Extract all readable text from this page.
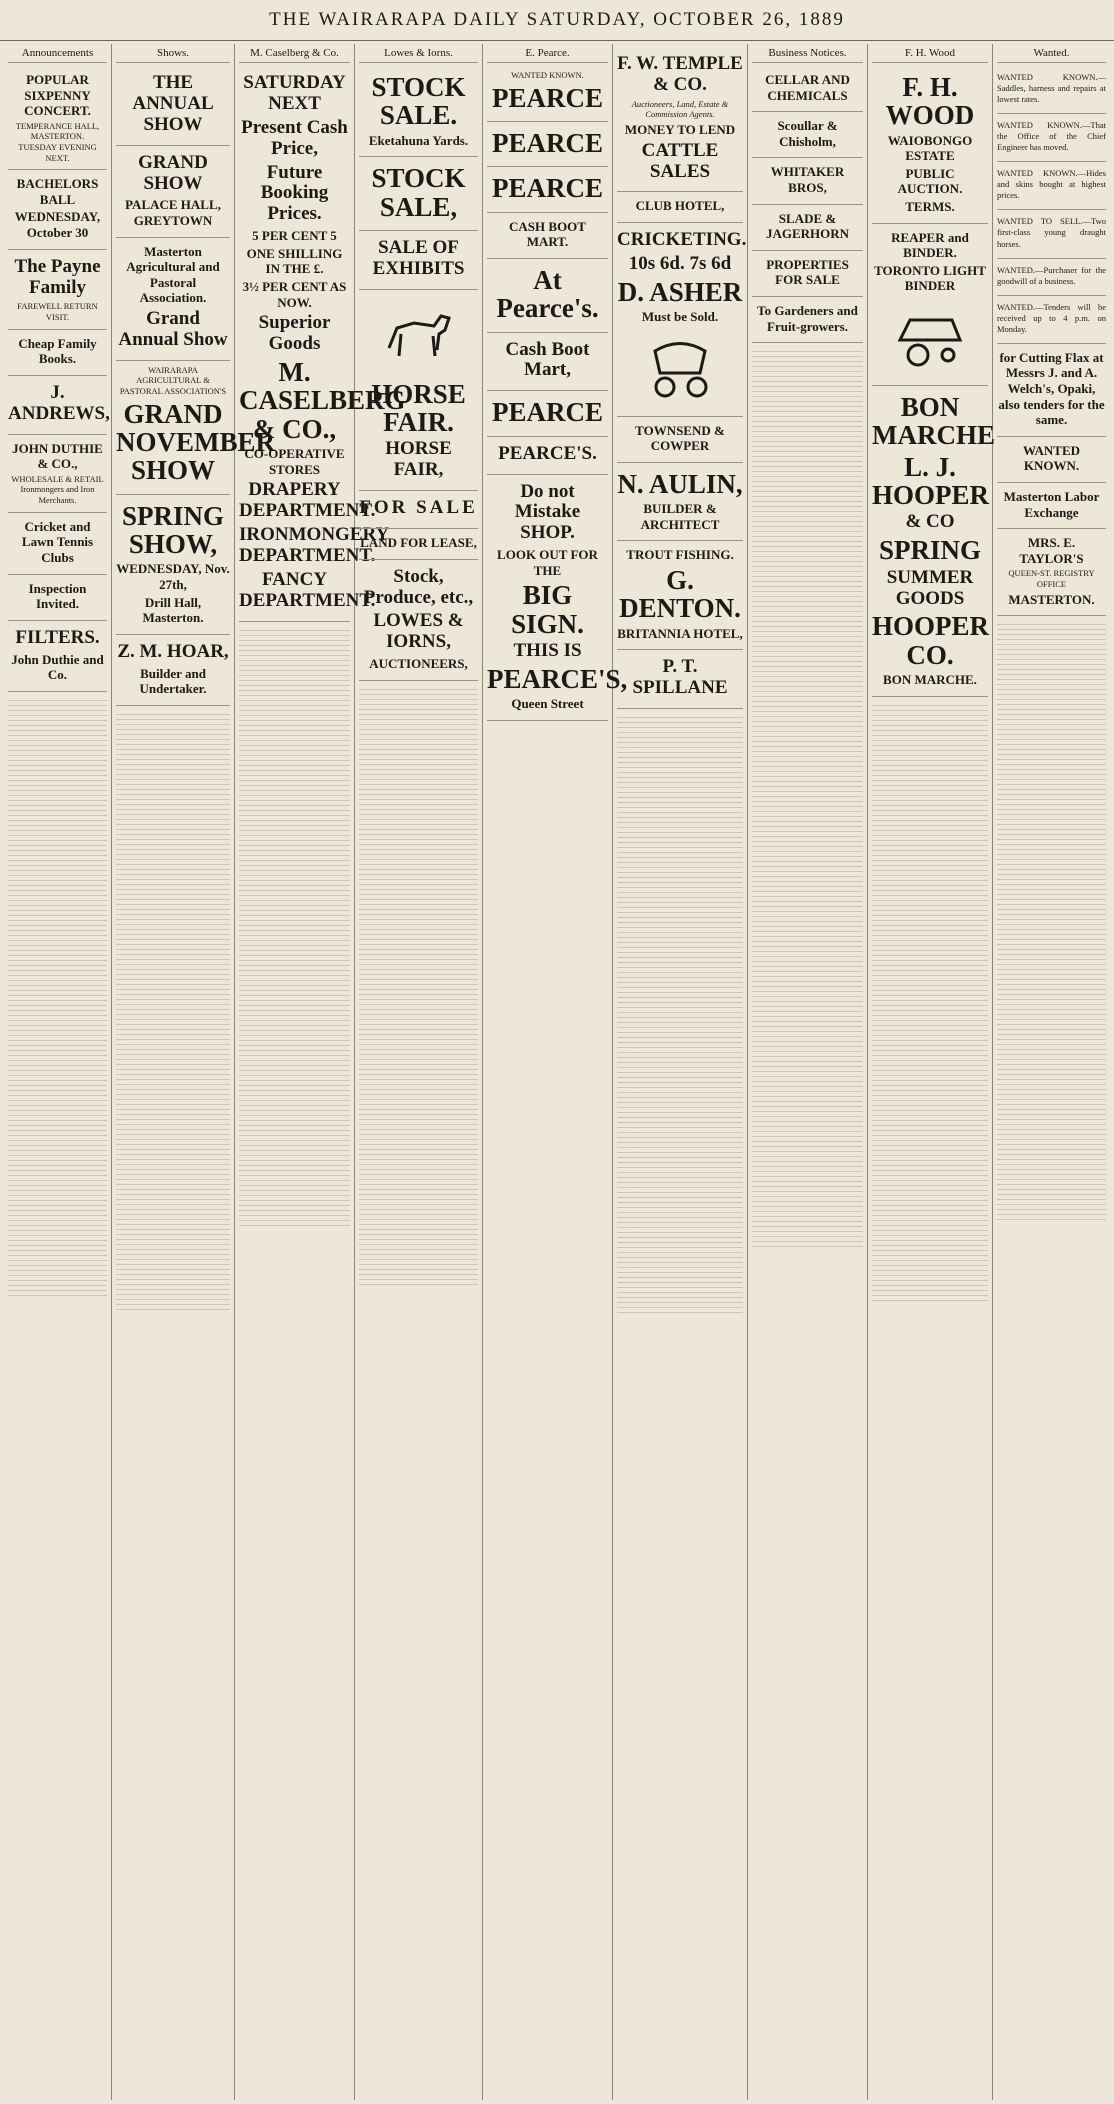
THE WAIRARAPA DAILY SATURDAY, OCTOBER 26, 1889
Announcements
POPULAR SIXPENNY CONCERT.
TEMPERANCE HALL, MASTERTON.
TUESDAY EVENING NEXT.
BACHELORS BALL
WEDNESDAY, October 30
The Payne Family
FAREWELL RETURN VISIT.
Cheap Family Books.
J. ANDREWS,
JOHN DUTHIE & CO.,
WHOLESALE & RETAIL Ironmongers and Iron Merchants.
Cricket and Lawn Tennis Clubs
Inspection Invited.
FILTERS.
John Duthie and Co.
Shows.
THE ANNUAL SHOW
GRAND SHOW
PALACE HALL, GREYTOWN
Masterton Agricultural and Pastoral Association.
Grand Annual Show
WAIRARAPA AGRICULTURAL & PASTORAL ASSOCIATION'S
GRAND NOVEMBER SHOW
SPRING SHOW,
WEDNESDAY, Nov. 27th,
Drill Hall, Masterton.
Z. M. HOAR,
Builder and Undertaker.
M. Caselberg & Co.
SATURDAY NEXT
Present Cash Price,
Future Booking Prices.
5 PER CENT 5
ONE SHILLING IN THE £.
3½ PER CENT AS NOW.
Superior Goods
M. CASELBERG & CO.,
CO-OPERATIVE STORES
DRAPERY DEPARTMENT.
IRONMONGERY DEPARTMENT.
FANCY DEPARTMENT.
Lowes & Iorns.
STOCK SALE.
Eketahuna Yards.
STOCK SALE,
SALE OF EXHIBITS
HORSE FAIR.
HORSE FAIR,
FOR SALE
LAND FOR LEASE,
Stock, Produce, etc.,
LOWES & IORNS,
AUCTIONEERS,
E. Pearce.
WANTED KNOWN.
PEARCE
PEARCE
PEARCE
CASH BOOT MART.
At Pearce's.
Cash Boot Mart,
PEARCE
PEARCE'S.
Do not Mistake SHOP.
LOOK OUT FOR THE
BIG SIGN.
THIS IS
PEARCE'S,
Queen Street
F. W. TEMPLE & CO.
Auctioneers, Land, Estate & Commission Agents.
MONEY TO LEND
CATTLE SALES
CLUB HOTEL,
CRICKETING.
10s 6d. 7s 6d
D. ASHER
Must be Sold.
TOWNSEND & COWPER
N. AULIN,
BUILDER & ARCHITECT
TROUT FISHING.
G. DENTON.
BRITANNIA HOTEL,
P. T. SPILLANE
Business Notices.
CELLAR AND CHEMICALS
Scoullar & Chisholm,
WHITAKER BROS,
SLADE & JAGERHORN
PROPERTIES FOR SALE
To Gardeners and Fruit-growers.
F. H. Wood
F. H. WOOD
WAIOBONGO ESTATE
PUBLIC AUCTION.
TERMS.
REAPER and BINDER.
TORONTO LIGHT BINDER
BON MARCHE
L. J. HOOPER
& CO
SPRING
SUMMER GOODS
HOOPER CO.
BON MARCHE.
Wanted.
WANTED KNOWN.—Saddles, harness and repairs at lowest rates.
WANTED KNOWN.—That the Office of the Chief Engineer has moved.
WANTED KNOWN.—Hides and skins bought at highest prices.
WANTED TO SELL.—Two first-class young draught horses.
WANTED.—Purchaser for the goodwill of a business.
WANTED.—Tenders will be received up to 4 p.m. on Monday.
for Cutting Flax at Messrs J. and A. Welch's, Opaki, also tenders for the same.
WANTED KNOWN.
Masterton Labor Exchange
MRS. E. TAYLOR'S
QUEEN-ST. REGISTRY OFFICE
MASTERTON.
